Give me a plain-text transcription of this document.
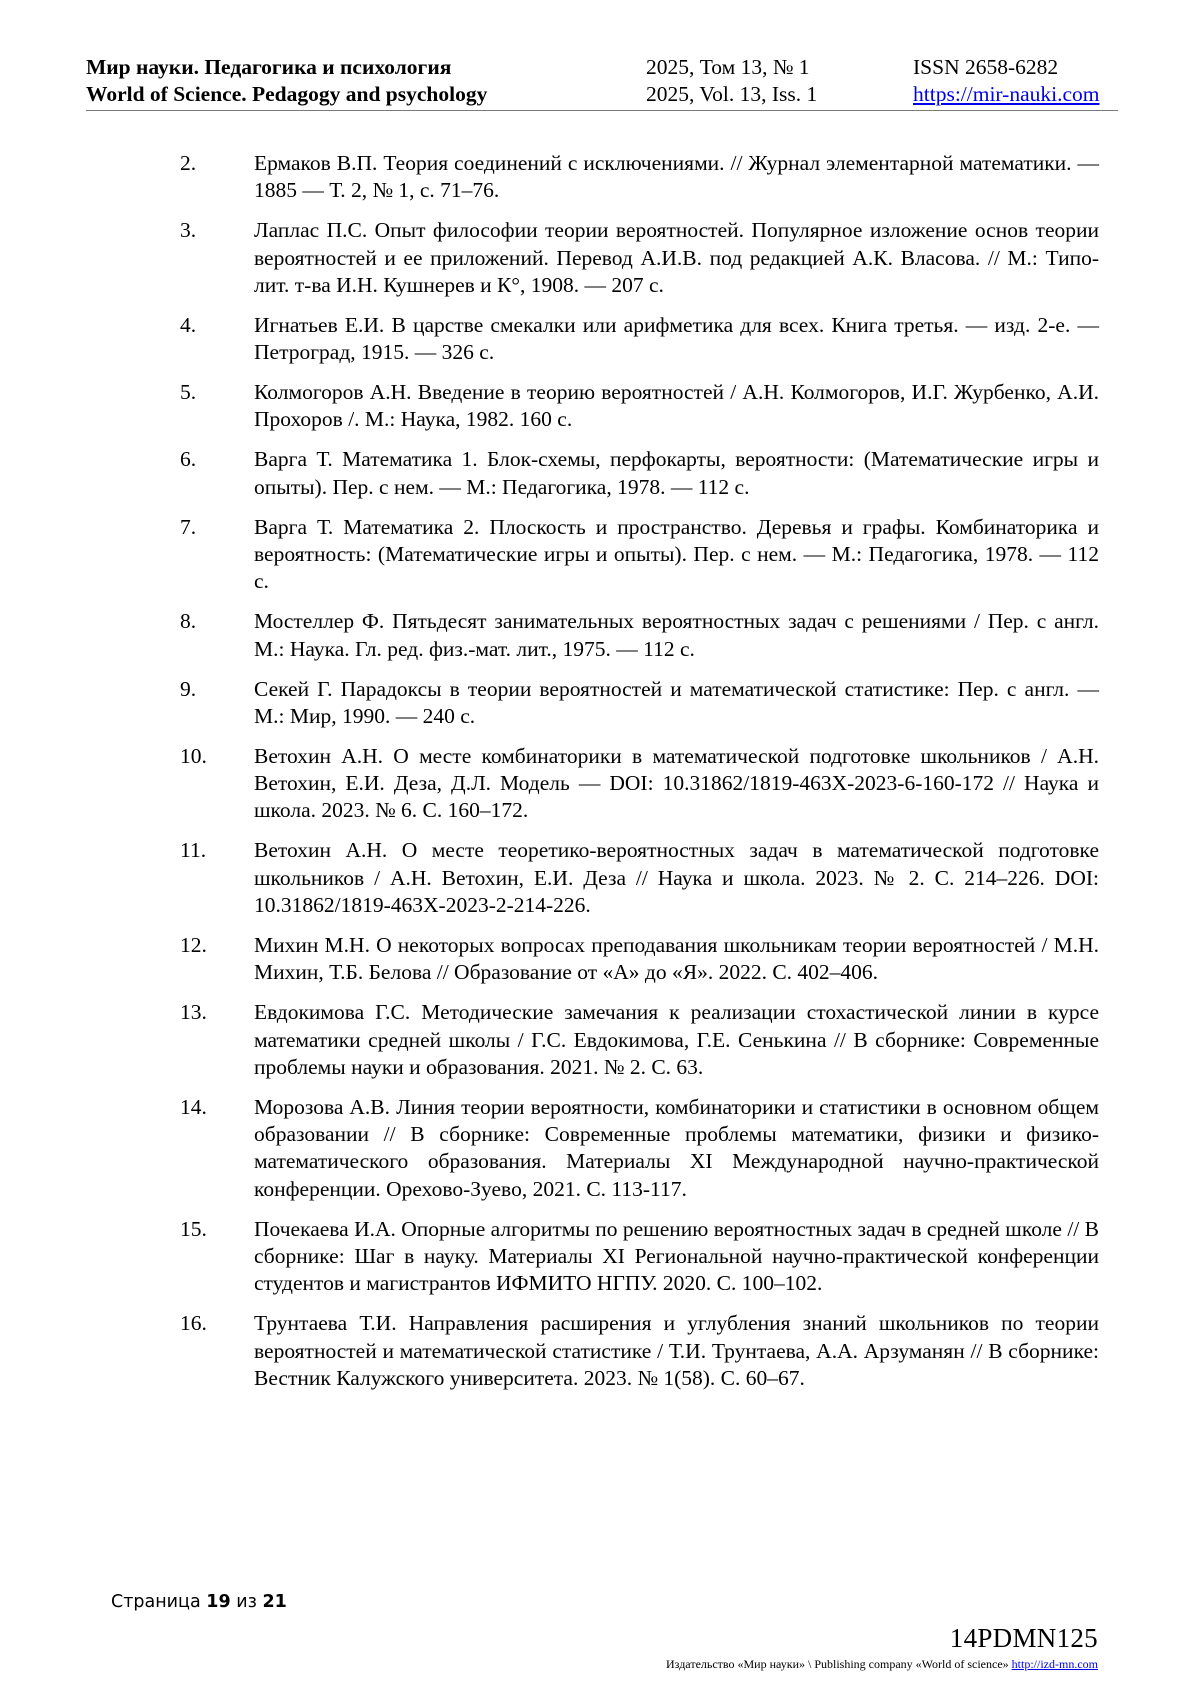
Мир науки. Педагогика и психология
World of Science. Pedagogy and psychology
2025, Том 13, № 1
2025, Vol. 13, Iss. 1
ISSN 2658-6282
https://mir-nauki.com
2.	Ермаков В.П. Теория соединений с исключениями. // Журнал элементарной математики. — 1885 — Т. 2, № 1, с. 71–76.
3.	Лаплас П.С. Опыт философии теории вероятностей. Популярное изложение основ теории вероятностей и ее приложений. Перевод А.И.В. под редакцией А.К. Власова. // М.: Типо-лит. т-ва И.Н. Кушнерев и К°, 1908. — 207 с.
4.	Игнатьев Е.И. В царстве смекалки или арифметика для всех. Книга третья. — изд. 2-е. — Петроград, 1915. — 326 с.
5.	Колмогоров А.Н. Введение в теорию вероятностей / А.Н. Колмогоров, И.Г. Журбенко, А.И. Прохоров /. М.: Наука, 1982. 160 с.
6.	Варга Т. Математика 1. Блок-схемы, перфокарты, вероятности: (Математические игры и опыты). Пер. с нем. — М.: Педагогика, 1978. — 112 с.
7.	Варга Т. Математика 2. Плоскость и пространство. Деревья и графы. Комбинаторика и вероятность: (Математические игры и опыты). Пер. с нем. — М.: Педагогика, 1978. — 112 с.
8.	Мостеллер Ф. Пятьдесят занимательных вероятностных задач с решениями / Пер. с англ. М.: Наука. Гл. ред. физ.-мат. лит., 1975. — 112 с.
9.	Секей Г. Парадоксы в теории вероятностей и математической статистике: Пер. с англ. — М.: Мир, 1990. — 240 с.
10. Ветохин А.Н. О месте комбинаторики в математической подготовке школьников / А.Н. Ветохин, Е.И. Деза, Д.Л. Модель — DOI: 10.31862/1819-463X-2023-6-160-172 // Наука и школа. 2023. № 6. С. 160–172.
11. Ветохин А.Н. О месте теоретико-вероятностных задач в математической подготовке школьников / А.Н. Ветохин, Е.И. Деза // Наука и школа. 2023. № 2. С. 214–226. DOI: 10.31862/1819-463X-2023-2-214-226.
12. Михин М.Н. О некоторых вопросах преподавания школьникам теории вероятностей / М.Н. Михин, Т.Б. Белова // Образование от «А» до «Я». 2022. С. 402–406.
13. Евдокимова Г.С. Методические замечания к реализации стохастической линии в курсе математики средней школы / Г.С. Евдокимова, Г.Е. Сенькина // В сборнике: Современные проблемы науки и образования. 2021. № 2. С. 63.
14. Морозова А.В. Линия теории вероятности, комбинаторики и статистики в основном общем образовании // В сборнике: Современные проблемы математики, физики и физико-математического образования. Материалы XI Международной научно-практической конференции. Орехово-Зуево, 2021. С. 113-117.
15. Почекаева И.А. Опорные алгоритмы по решению вероятностных задач в средней школе // В сборнике: Шаг в науку. Материалы XI Региональной научно-практической конференции студентов и магистрантов ИФМИТО НГПУ. 2020. С. 100–102.
16. Трунтаева Т.И. Направления расширения и углубления знаний школьников по теории вероятностей и математической статистике / Т.И. Трунтаева, А.А. Арзуманян // В сборнике: Вестник Калужского университета. 2023. № 1(58). С. 60–67.
Страница 19 из 21
14PDMN125
Издательство «Мир науки» \ Publishing company «World of science» http://izd-mn.com
